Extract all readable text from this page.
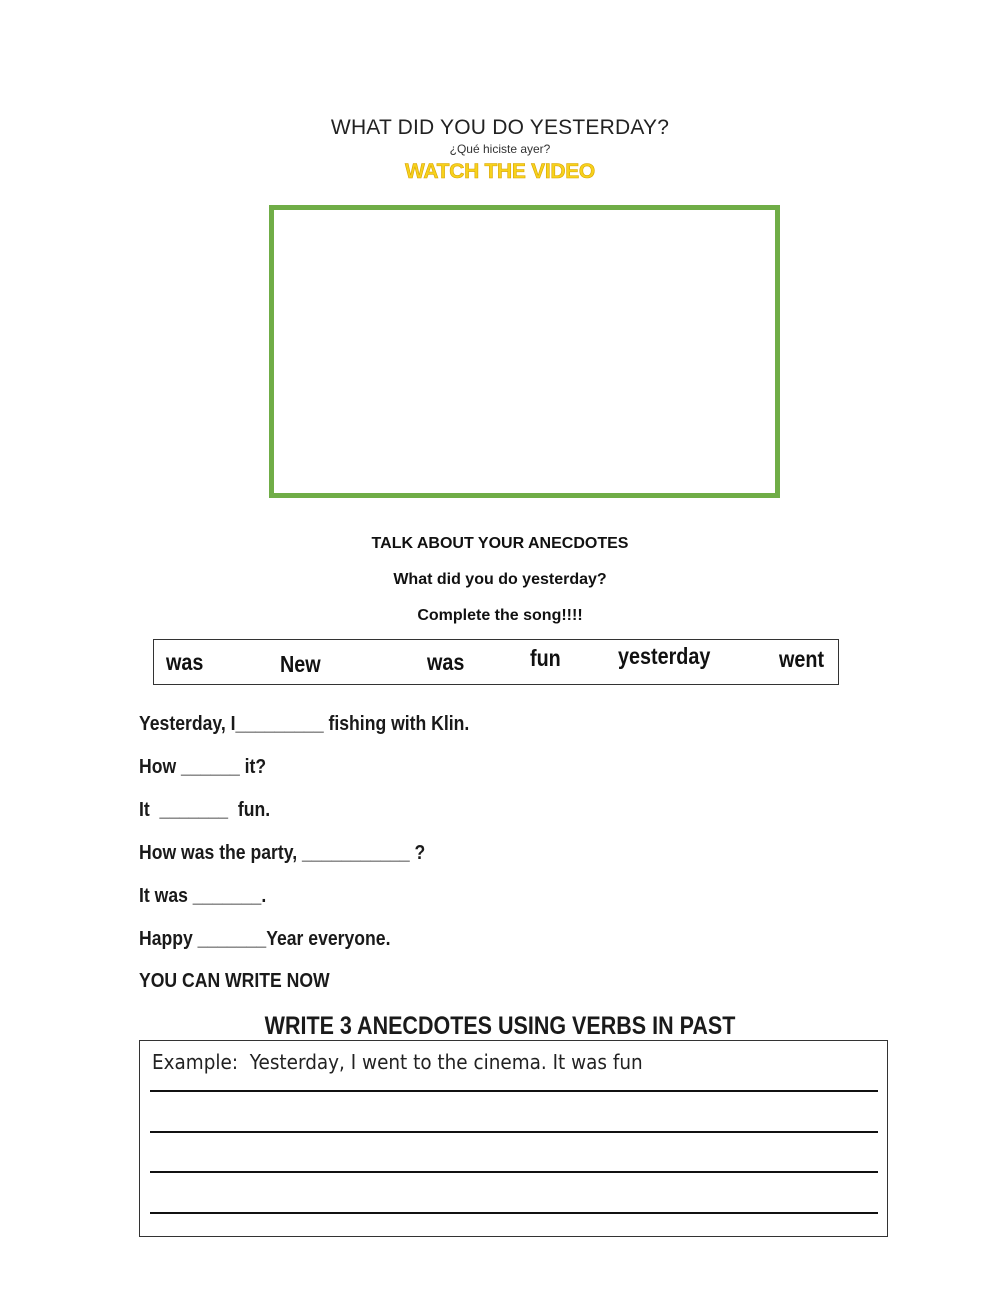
WHAT DID YOU DO YESTERDAY?
¿Qué hiciste ayer?
WATCH THE VIDEO
TALK ABOUT YOUR ANECDOTES
What did you do yesterday?
Complete the song!!!!
was	New	was	fun yesterday	went
Yesterday, I_________ fishing with Klin.
How ______ it?
It  _______  fun.
How was the party, ___________ ?
It was _______.
Happy _______Year everyone.
YOU CAN WRITE NOW
WRITE 3 ANECDOTES USING VERBS IN PAST
Example:  Yesterday, I went to the cinema. It was fun
